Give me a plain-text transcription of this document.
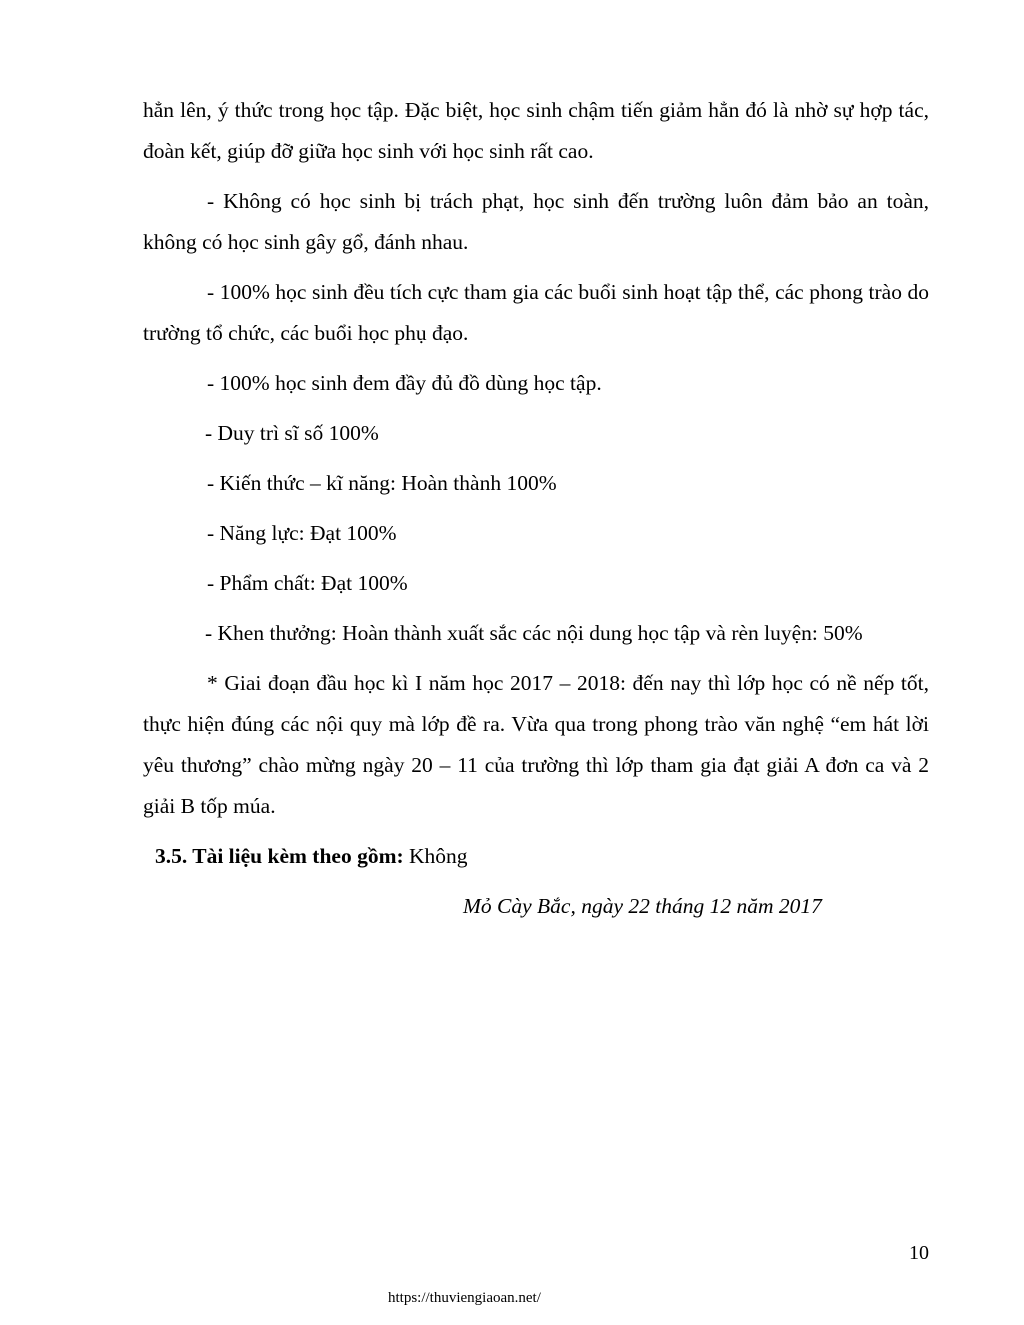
hẳn lên, ý thức trong học tập. Đặc biệt, học sinh chậm tiến giảm hẳn đó là nhờ sự hợp tác, đoàn kết, giúp đỡ giữa học sinh với học sinh rất cao.

- Không có học sinh bị trách phạt, học sinh đến trường luôn đảm bảo an toàn, không có học sinh gây gổ, đánh nhau.

- 100% học sinh đều tích cực tham gia các buổi sinh hoạt tập thể, các phong trào do trường tổ chức, các buổi học phụ đạo.

- 100% học sinh đem đầy đủ đồ dùng học tập.

- Duy trì sĩ số 100%

- Kiến thức – kĩ năng: Hoàn thành 100%

- Năng lực: Đạt 100%

- Phẩm chất: Đạt 100%

- Khen thưởng: Hoàn thành xuất sắc các nội dung học tập và rèn luyện: 50%

* Giai đoạn đầu học kì I năm học 2017 – 2018: đến nay thì lớp học có nề nếp tốt, thực hiện đúng các nội quy mà lớp đề ra. Vừa qua trong phong trào văn nghệ “em hát lời yêu thương” chào mừng ngày 20 – 11 của trường thì lớp tham gia đạt giải A đơn ca và 2 giải B tốp múa.

3.5. Tài liệu kèm theo gồm: Không

Mỏ Cày Bắc, ngày 22 tháng 12 năm 2017

10
https://thuviengiaoan.net/
